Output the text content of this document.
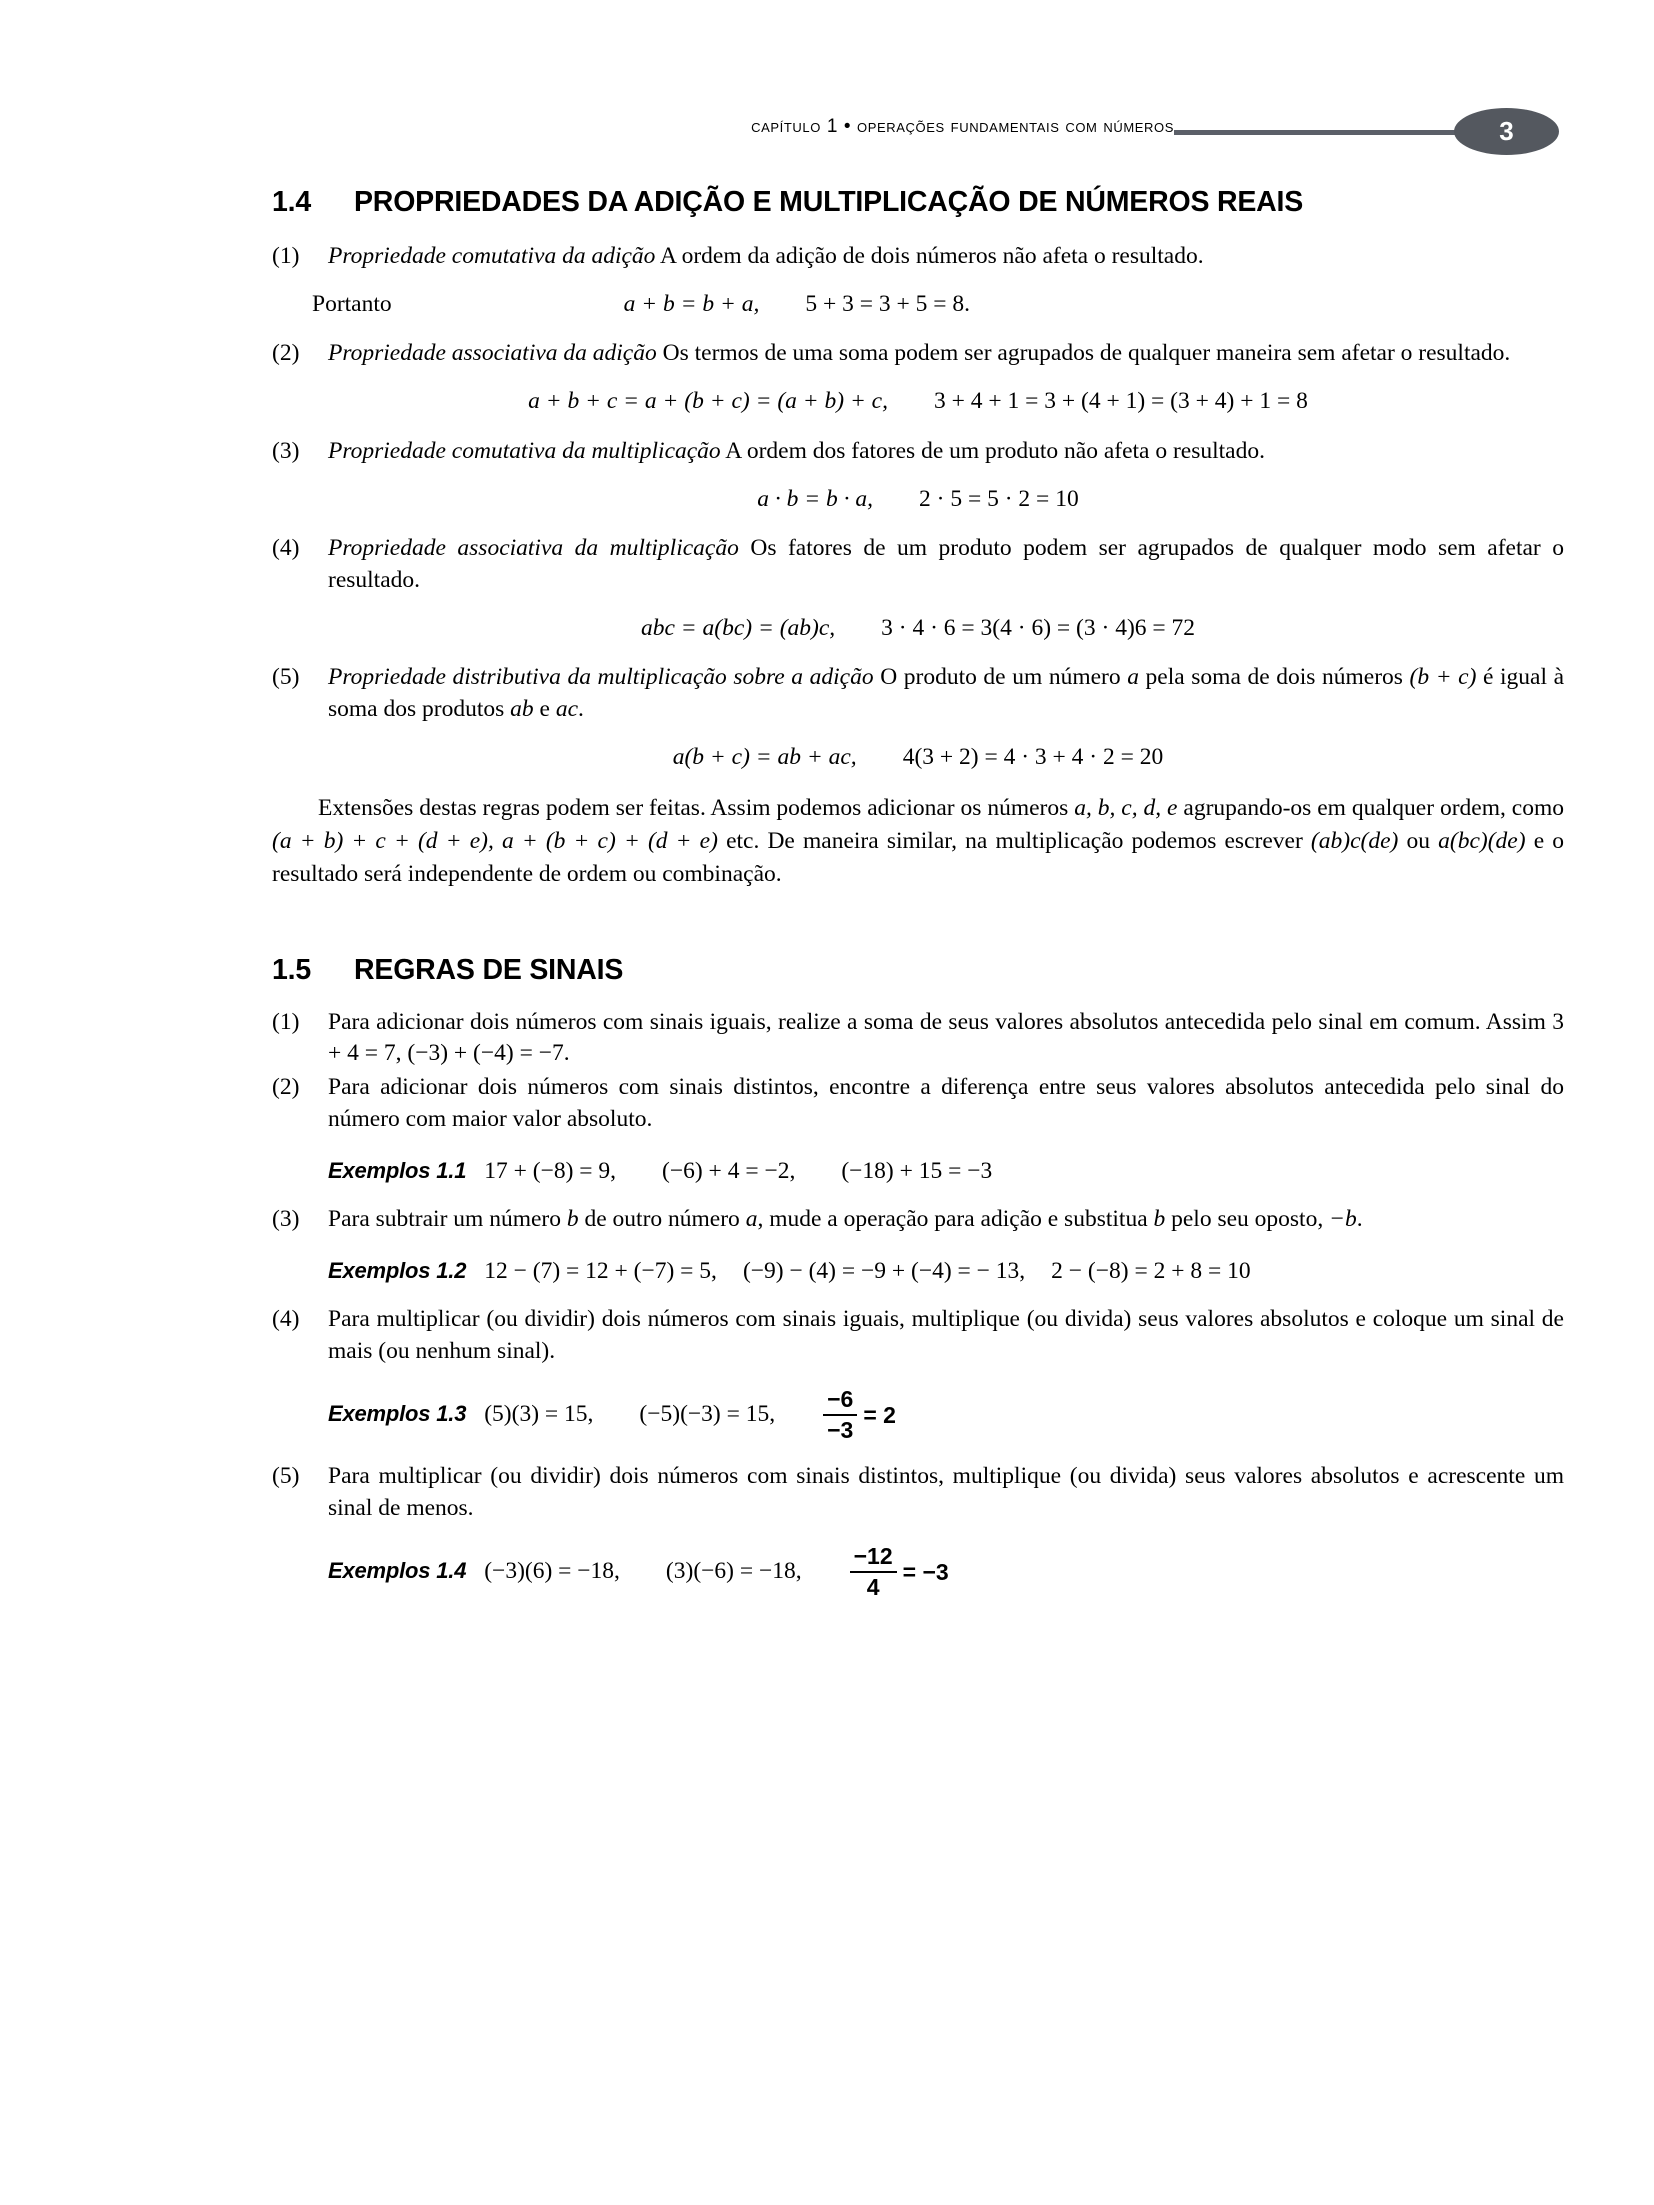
capítulo 1 • operações fundamentais com números	3
1.4 PROPRIEDADES DA ADIÇÃO E MULTIPLICAÇÃO DE NÚMEROS REAIS
(1)	Propriedade comutativa da adição A ordem da adição de dois números não afeta o resultado.
Portanto	a + b = b + a, 5 + 3 = 3 + 5 = 8.
(2)	Propriedade associativa da adição Os termos de uma soma podem ser agrupados de qualquer maneira sem afetar o resultado.
a + b + c = a + (b + c) = (a + b) + c, 3 + 4 + 1 = 3 + (4 + 1) = (3 + 4) + 1 = 8
(3)	Propriedade comutativa da multiplicação A ordem dos fatores de um produto não afeta o resultado.
a · b = b · a, 2 · 5 = 5 · 2 = 10
(4)	Propriedade associativa da multiplicação Os fatores de um produto podem ser agrupados de qualquer modo sem afetar o resultado.
abc = a(bc) = (ab)c, 3 · 4 · 6 = 3(4 · 6) = (3 · 4)6 = 72
(5)	Propriedade distributiva da multiplicação sobre a adição O produto de um número a pela soma de dois números (b + c) é igual à soma dos produtos ab e ac.
a(b + c) = ab + ac, 4(3 + 2) = 4 · 3 + 4 · 2 = 20

Extensões destas regras podem ser feitas. Assim podemos adicionar os números a, b, c, d, e agrupando-os em qualquer ordem, como (a + b) + c + (d + e), a + (b + c) + (d + e) etc. De maneira similar, na multiplicação podemos escrever (ab)c(de) ou a(bc)(de) e o resultado será independente de ordem ou combinação.

1.5 REGRAS DE SINAIS
(1)	Para adicionar dois números com sinais iguais, realize a soma de seus valores absolutos antecedida pelo sinal em comum. Assim 3 + 4 = 7, (−3) + (−4) = −7.
(2)	Para adicionar dois números com sinais distintos, encontre a diferença entre seus valores absolutos antecedida pelo sinal do número com maior valor absoluto.
Exemplos 1.1 17 + (−8) = 9, (−6) + 4 = −2, (−18) + 15 = −3
(3)	Para subtrair um número b de outro número a, mude a operação para adição e substitua b pelo seu oposto, −b.
Exemplos 1.2 12 − (7) = 12 + (−7) = 5, (−9) − (4) = −9 + (−4) = − 13, 2 − (−8) = 2 + 8 = 10
(4)	Para multiplicar (ou dividir) dois números com sinais iguais, multiplique (ou divida) seus valores absolutos e coloque um sinal de mais (ou nenhum sinal).
Exemplos 1.3 (5)(3) = 15, (−5)(−3) = 15, $\frac{-6}{-3} = 2$
(5)	Para multiplicar (ou dividir) dois números com sinais distintos, multiplique (ou divida) seus valores absolutos e acrescente um sinal de menos.
Exemplos 1.4 (−3)(6) = −18, (3)(−6) = −18, $\frac{-12}{4} = -3$
